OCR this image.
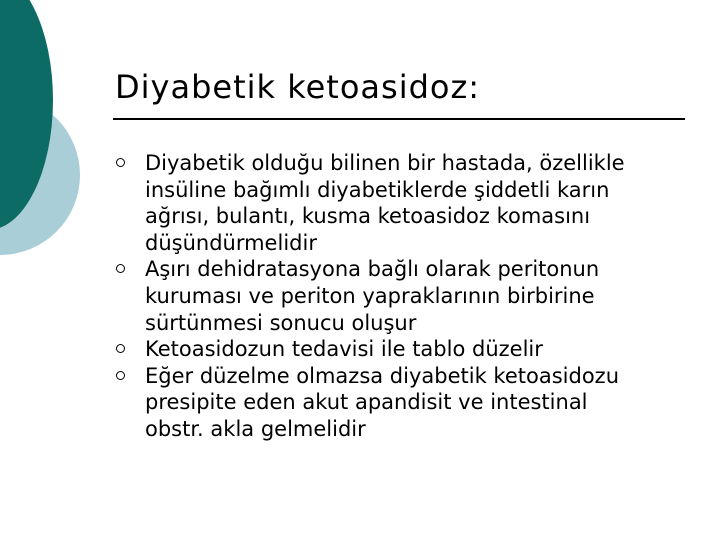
Diyabetik ketoasidoz:
Diyabetik olduğu bilinen bir hastada, özellikle
insüline bağımlı diyabetiklerde şiddetli karın
ağrısı, bulantı, kusma ketoasidoz komasını
düşündürmelidir
Aşırı dehidratasyona bağlı olarak peritonun
kuruması ve periton yapraklarının birbirine
sürtünmesi sonucu oluşur
Ketoasidozun tedavisi ile tablo düzelir
Eğer düzelme olmazsa diyabetik ketoasidozu
presipite eden akut apandisit ve intestinal
obstr. akla gelmelidir
